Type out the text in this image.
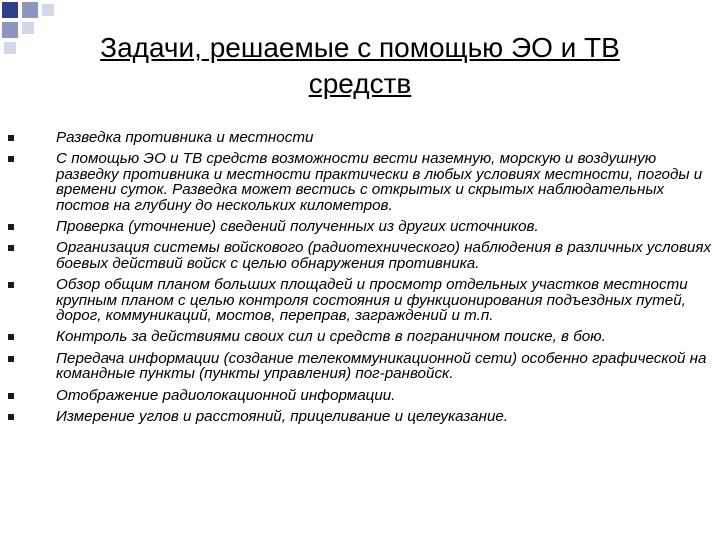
Задачи, решаемые с помощью ЭО и ТВ
средств
Разведка противника и местности
С помощью ЭО и ТВ средств возможности вести наземную, морскую и воздушную разведку противника и местности практически в любых условиях местности, погоды и времени суток. Разведка может вестись с открытых и скрытых наблюдательных постов на глубину до нескольких километров.
Проверка (уточнение) сведений полученных из других источников.
Организация системы войскового (радиотехнического) наблюдения в различных условиях боевых действий войск с целью обнаружения противника.
Обзор общим планом больших площадей и просмотр отдельных участков местности крупным планом с целью контроля состояния и функционирования подъездных путей, дорог, коммуникаций, мостов, переправ, заграждений и т.п.
Контроль за действиями своих сил и средств в пограничном поиске, в бою.
Передача информации (создание телекоммуникационной сети) особенно графической на командные пункты (пункты управления) пог-ранвойск.
Отображение радиолокационной информации.
Измерение углов и расстояний, прицеливание и целеуказание.
